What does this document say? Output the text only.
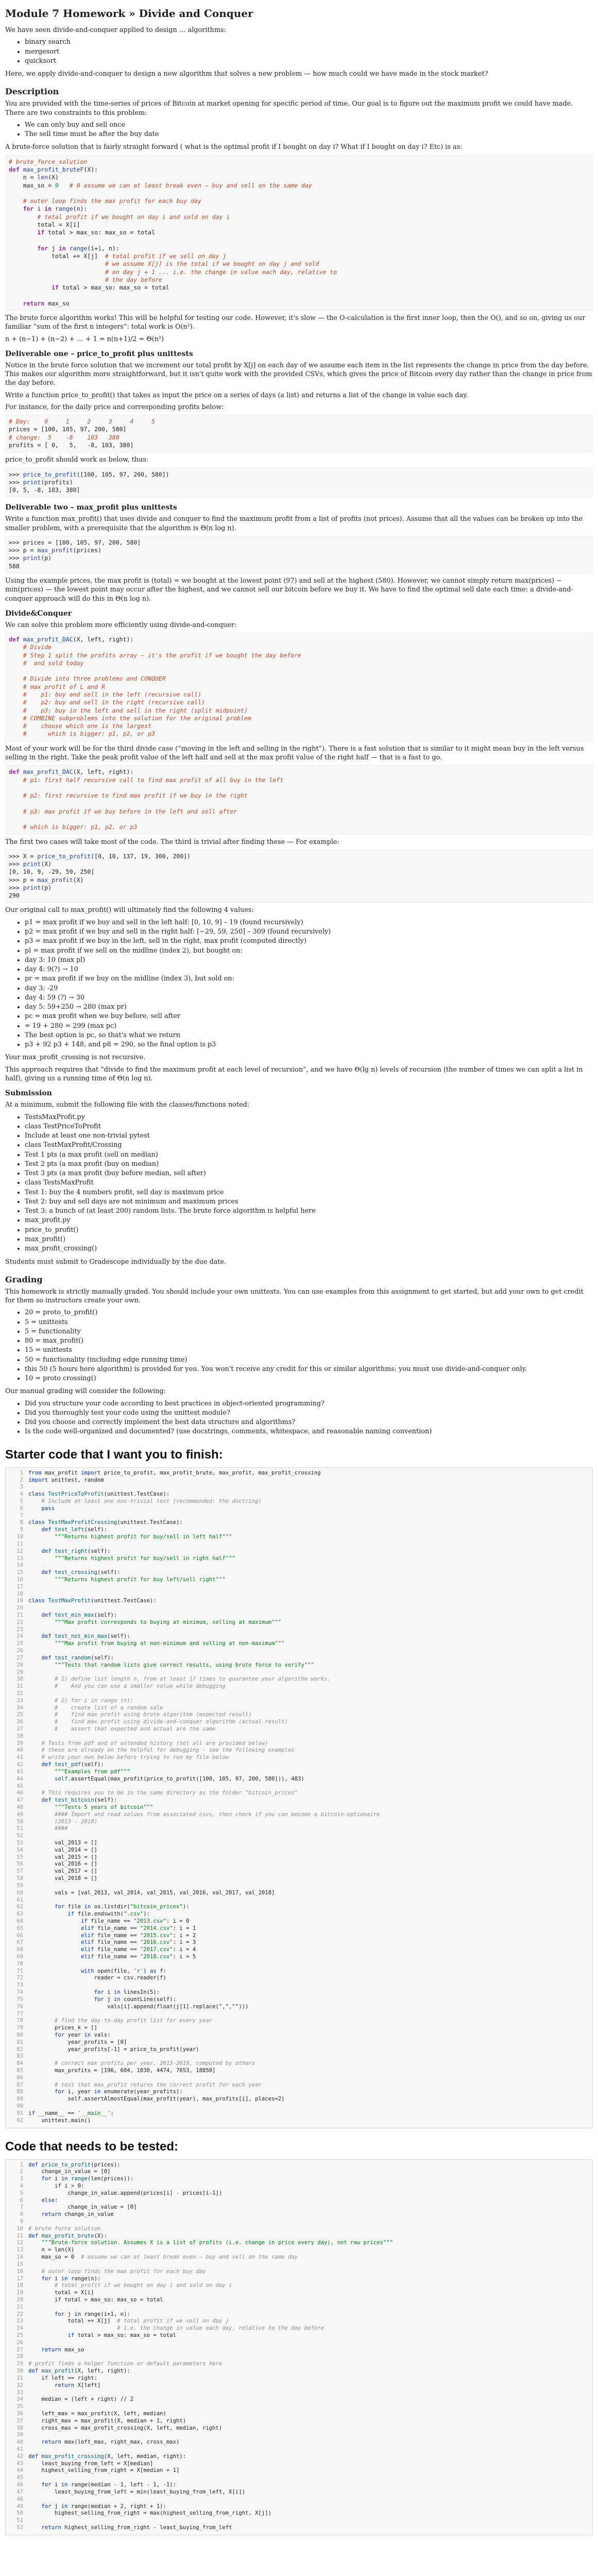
Module 7 Homework » Divide and Conquer

We have seen divide-and-conquer applied to design … algorithms:

• binary search
• mergesort
• quicksort

Here, we apply divide-and-conquer to design a new algorithm that solves a new problem — how much could we have made in the stock market?

Description

You are provided with the time-series of prices of Bitcoin at market opening for specific period of time. Our goal is to figure out the maximum profit we could have made. There are two constraints to this problem:

• We can only buy and sell once
• The sell time must be after the buy date

A brute-force solution that is fairly straight forward ( what is the optimal profit if I bought on day i? What if I bought on day i? Etc) is as:

# brute_force_solution
def max_profit_bruteF(X):
n = len(X)
max_so = 0 # 0 assume we can at least break even — buy and sell on the same day

# outer loop finds the max profit for each buy day
for i in range(n):
# total profit if we bought on day i and sold on day i
total = X[i]
if total > max_so: max_so = total

for j in range(i+1, n):
total += X[j]  # total profit if we sell on day j
# we assume X[j] is the total if we bought on day j and sold
# on day j + 1 ... i.e. the change in value each day, relative to
# the day before
if total > max_so: max_so = total

return max_so

The brute force algorithm works! This will be helpful for testing our code. However, it's slow — the O-calculation is the first inner loop, then the O(), and so on, giving us our familiar “sum of the first n integers”: total work is O(n²).

n + (n−1) + (n−2) + … + 1 = n(n+1)/2 = Θ(n²)

Deliverable one – price_to_profit plus unittests

Notice in the brute force solution that we increment our total profit by X[j] on each day of we assume each item in the list represents the change in price from the day before. This makes our algorithm more straightforward, but it isn't quite work with the provided CSVs, which gives the price of Bitcoin every day rather than the change in price from the day before.

Write a function price_to_profit() that takes as input the price on a series of days (a list) and returns a list of the change in value each day.

For instance, for the daily price and corresponding profits below:

# Day:    0     1     2     3     4     5
prices = [100, 105, 97, 200, 580]
# change:  5    -8    103   380
profits = [ 0,   5,   -8, 103, 380]

price_to_profit should work as below, thus:

>>> price_to_profit([100, 105, 97, 200, 580])
>>> print(profits)
[0, 5, -8, 103, 380]
Deliverable two – max_profit plus unittests

Write a function max_profit() that uses divide and conquer to find the maximum profit from a list of profits (not prices). Assume that all the values can be broken up into the smaller problem, with a prerequisite that the algorithm is Θ(n log n).

>>> prices = [100, 105, 97, 200, 580]
>>> p = max_profit(prices)
>>> print(p)
588

Using the example prices, the max profit is (total) = we bought at the lowest point (97) and sell at the highest (580). However, we cannot simply return max(prices) − min(prices) — the lowest point may occur after the highest, and we cannot sell our bitcoin before we buy it. We have to find the optimal sell date each time: a divide-and-conquer approach will do this in Θ(n log n).

Divide&Conquer

We can solve this problem more efficiently using divide-and-conquer:

def max_profit_DAC(X, left, right):
# Divide
# Step 1 split the profits array — it's the profit if we bought the day before
#  and sold today

# Divide into three problems and CONQUER
# max profit of L and R
#    p1: buy and sell in the left (recursive call)
#    p2: buy and sell in the right (recursive call)
#    p3: buy in the left and sell in the right (split midpoint)
# COMBINE subproblems into the solution for the original problem
#    choose which one is the largest
#      which is bigger: p1, p2, or p3

Most of your work will be for the third divide case (“moving in the left and selling in the right”). There is a fast solution that is similar to it might mean buy in the left versus selling in the right. Take the peak profit value of the left half and sell at the max profit value of the right half — that is a fast to go.

def max_profit_DAC(X, left, right):
# p1: first half recursive call to find max profit of all buy in the left

# p2: first recursive to find max profit if we buy in the right

# p3: max profit if we buy before in the left and sell after

# which is bigger: p1, p2, or p3

The first two cases will take most of the code. The third is trivial after finding these — For example:

>>> X = price_to_profit([0, 10, 137, 19, 300, 200])
>>> print(X)
[0, 10, 9, -29, 59, 250]
>>> p = max_profit(X)
>>> print(p)
290

Our original call to max_profit() will ultimately find the following 4 values:

• p1 = max profit if we buy and sell in the left half: [0, 10, 9] – 19 (found recursively)
• p2 = max profit if we buy and sell in the right half: [−29, 59, 250] – 309 (found recursively)
• p3 = max profit if we buy in the left, sell in the right, max profit (computed directly)
• pl = max profit if we sell on the midline (index 2), but bought on:
• day 3: 10 (max pl)
• day 4: 9(?) → 10
• pr = max profit if we buy on the midline (index 3), but sold on:
• day 3: -29
• day 4: 59 (?) → 30
• day 5: 59+250 → 280 (max pr)
• pc = max profit when we buy before, sell after
• = 19 + 280 = 299 (max pc)
• The best option is pc, so that's what we return
• p3 + 92 p3 + 148, and p8 = 290, so the final option is p3

Your max_profit_crossing is not recursive.

This approach requires that “divide to find the maximum profit at each level of recursion”, and we have Θ(lg n) levels of recursion (the number of times we can split a list in half), giving us a running time of Θ(n log n).

Submission

At a minimum, submit the following file with the classes/functions noted:

• TestsMaxProfit.py
• class TestPriceToProfit
• Include at least one non-trivial pytest
• class TestMaxProfit/Crossing
• Test 1 pts (a max profit (sell on median)
• Test 2 pts (a max profit (buy on median)
• Test 3 pts (a max profit (buy before median, sell after)
• class TestsMaxProfit
• Test 1: buy the 4 numbers profit, sell day is maximum price
• Test 2: buy and sell days are not minimum and maximum prices
• Test 3: a bunch of (at least 200) random lists. The brute force algorithm is helpful here
• max_profit.py
• price_to_profit()
• max_profit()
• max_profit_crossing()

Students must submit to Gradescope individually by the due date.

Grading

This homework is strictly manually graded. You should include your own unittests. You can use examples from this assignment to get started, but add your own to get credit for them so instructors create your own.

• 20 = proto_to_profit()
• 5 = unittests
• 5 = functionality
• 80 = max_profit()
• 15 = unittests
• 50 = functionality (including edge running time)
• this 50 (5 hours here algorithm) is provided for you. You won't receive any credit for this or similar algorithms: you must use divide-and-conquer only.
• 10 = proto crossing()

Our manual grading will consider the following:

• Did you structure your code according to best practices in object-oriented programming?
• Did you thoroughly test your code using the unittest module?
• Did you choose and correctly implement the best data structure and algorithms?
• Is the code well-organized and documented? (use docstrings, comments, whitespace, and reasonable naming convention)
Starter code that I want you to finish:
1 from max_profit import price_to_profit, max_profit_brute, max_profit, max_profit_crossing
2 import unittest, random
3

4 class TestPriceToProfit(unittest.TestCase):
5	# Include at least one non-trivial test (recommended: the doctring)
6	pass
7

8 class TestMaxProfitCrossing(unittest.TestCase):
9	def test_left(self):
10	"""Returns highest profit for buy/sell in left half"""
11

12	def test_right(self):
13	"""Returns highest profit for buy/sell in right half"""
14

15	def test_crossing(self):
16	"""Returns highest profit for buy left/sell right"""
17

18

19 class TestMaxProfit(unittest.TestCase):
20

21	def test_min_max(self):
22	"""Max profit corresponds to buying at minimum, selling at maximum"""
23

24	def test_not_min_max(self):
25	"""Max profit from buying at non-minimum and selling at non-maximum"""
26

27	def test_random(self):
28	"""Tests that random lists give correct results, using brute force to verify"""
29

30	# 1) define list length n, from at least 1? times to guarantee your algorithm works.
31	#    And you can use a smaller value while debugging
32

33	# 2) for i in range (n):
34	#    create list of a random sale
35	#    find max profit using brute algorithm (expected result)
36	#    find max profit using divide-and-conquer algorithm (actual result)
37	#    assert that expected and actual are the same
38

39	# Tests from pdf and of extended history (not all are provided below)
40	# these are already on the helpful for debugging - see the following examples
41	# write your own below before trying to run my file below
42	def test_pdf(self):
43	"""Examples from pdf"""
44	self.assertEqual(max_profit(price_to_profit([100, 105, 97, 200, 580])), 483)
45

46	# This requires you to be in the same directory as the folder "bitcoin_prices"
47	def test_bitcoin(self):
48	"""Tests 5 years of bitcoin"""
49	#### Import and read values from associated csvs, then check if you can become a bitcoin-optionaire
50	(2013 - 2018)
51	####
52

53 val_2013 = []
54 val_2014 = []
55 val_2015 = []
56 val_2016 = []
57 val_2017 = []
58 val_2018 = []
59

60 vals = [val_2013, val_2014, val_2015, val_2016, val_2017, val_2018]
61

62	for file in os.listdir("bitcoin_prices"):
63	if file.endswith(".csv"):
64	if file_name == "2013.csv": i = 0
65	elif file_name == "2014.csv": i = 1
66	elif file_name == "2015.csv": i = 2
67	elif file_name == "2016.csv": i = 3
68	elif file_name == "2017.csv": i = 4
69	elif file_name == "2018.csv": i = 5
70

71	with open(file, 'r') as f:
72 reader = csv.reader(f)
73

74	for i in linesIn(5):
75	for j in countLine(self):
76 vals[i].append(float(j[1].replace(",","")))
77

78	# find the day-to-day profit list for every year
79 prices_k = []
80	for year in vals:
81 year_profits = [0]
82 year_profits[-1] = price_to_profit(year)
83

84	# correct max profits per year, 2013-2018, computed by others
85 max_profits = [196, 604, 1030, 4474, 7653, 18850]
86

87	# test that max_profit returns the correct profit for each year
88	for i, year in enumerate(year_profits):
89 self.assertAlmostEqual(max_profit(year), max_profits[i], places=2)
90

91 if __name__ == '__main__':
92 unittest.main()
Code that needs to be tested:
1 def price_to_profit(prices):
2 change_in_value = [0]
3	for i in range(len(prices)):
4	if i > 0:
5 change_in_value.append(prices[i] - prices[i-1])
6	else:
7 change_in_value = [0]
8	return change_in_value
9

10 # brute force solution
11 def max_profit_brute(X):
12	"""Brute-force solution. Assumes X is a list of profits (i.e. change in price every day), not raw prices"""
13 n = len(X)
14 max_so = 0  # assume we can at least break even — buy and sell on the same day
15

16	# outer loop finds the max profit for each buy day
17	for i in range(n):
18	# total profit if we bought on day i and sold on day i
19 total = X[i]
20	if total > max_so: max_so = total
21

22	for j in range(i+1, n):
23 total += X[j]  # total profit if we sell on day j
24	# i.e. the change in value each day, relative to the day before
25	if total > max_so: max_so = total
26

27	return max_so
28

29 # profit finds a helper function or default parameters here
30 def max_profit(X, left, right):
31	if left == right:
32	return X[left]
33

34 median = (left + right) // 2
35

36 left_max = max_profit(X, left, median)
37 right_max = max_profit(X, median + 1, right)
38 cross_max = max_profit_crossing(X, left, median, right)
39

40	return max(left_max, right_max, cross_max)
41

42 def max_profit_crossing(X, left, median, right):
43 least_buying_from_left = X[median]
44 highest_selling_from_right = X[median + 1]
45

46	for i in range(median - 1, left - 1, -1):
47 least_buying_from_left = min(least_buying_from_left, X[i])
48

49	for j in range(median + 2, right + 1):
50 highest_selling_from_right = max(highest_selling_from_right, X[j])
51

52	return highest_selling_from_right - least_buying_from_left
